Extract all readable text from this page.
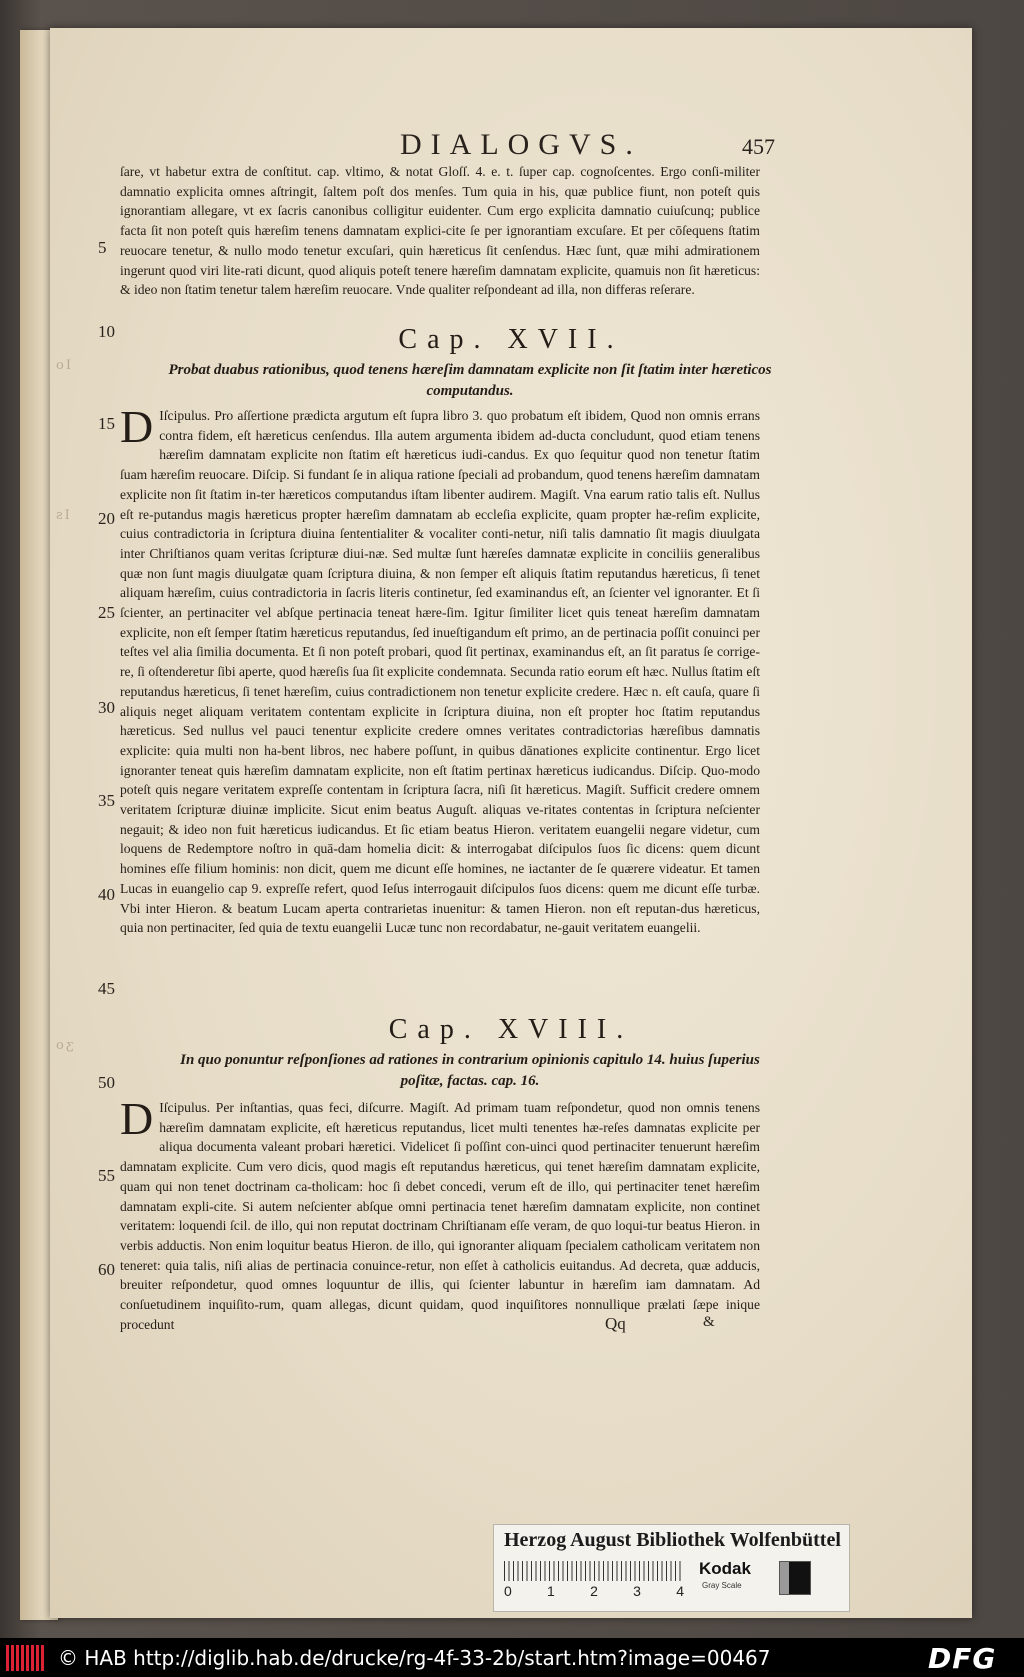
oI
ƨI
oƹ
DIALOGVS.	457
5
10
15
20
25
30
35
40
45
50
55
60

ſare, vt habetur extra de conſtitut. cap. vltimo, & notat Gloſſ. 4. e. t. ſuper cap. cognoſcentes. Ergo conſi-militer damnatio explicita omnes aſtringit, ſaltem poſt dos menſes. Tum quia in his, quæ publice fiunt, non poteſt quis ignorantiam allegare, vt ex ſacris canonibus colligitur euidenter. Cum ergo explicita damnatio cuiuſcunq; publice facta ſit non poteſt quis hæreſim tenens damnatam explici-cite ſe per ignorantiam excuſare. Et per cōſequens ſtatim reuocare tenetur, & nullo modo tenetur excuſari, quin hæreticus ſit cenſendus. Hæc ſunt, quæ mihi admirationem ingerunt quod viri lite-rati dicunt, quod aliquis poteſt tenere hæreſim damnatam explicite, quamuis non ſit hæreticus: & ideo non ſtatim tenetur talem hæreſim reuocare. Vnde qualiter reſpondeant ad illa, non differas reſerare.

Cap. XVII.
Probat duabus rationibus, quod tenens hæreſim damnatam explicite non ſit ſtatim inter hæreticos computandus.
D Iſcipulus. Pro aſſertione prædicta argutum eſt ſupra libro 3. quo probatum eſt ibidem, Quod non omnis errans contra fidem, eſt hæreticus cenſendus. Illa autem argumenta ibidem ad-ducta concludunt, quod etiam tenens hæreſim damnatam explicite non ſtatim eſt hæreticus iudi-candus. Ex quo ſequitur quod non tenetur ſtatim ſuam hæreſim reuocare. Diſcip. Si fundant ſe in aliqua ratione ſpeciali ad probandum, quod tenens hæreſim damnatam explicite non ſit ſtatim in-ter hæreticos computandus iſtam libenter audirem. Magiſt. Vna earum ratio talis eſt. Nullus eſt re-putandus magis hæreticus propter hæreſim damnatam ab eccleſia explicite, quam propter hæ-reſim explicite, cuius contradictoria in ſcriptura diuina ſententialiter & vocaliter conti-netur, niſi talis damnatio ſit magis diuulgata inter Chriſtianos quam veritas ſcripturæ diui-næ. Sed multæ ſunt hæreſes damnatæ explicite in conciliis generalibus quæ non ſunt magis diuulgatæ quam ſcriptura diuina, & non ſemper eſt aliquis ſtatim reputandus hæreticus, ſi tenet aliquam hæreſim, cuius contradictoria in ſacris literis continetur, ſed examinandus eſt, an ſcienter vel ignoranter. Et ſi ſcienter, an pertinaciter vel abſque pertinacia teneat hære-ſim. Igitur ſimiliter licet quis teneat hæreſim damnatam explicite, non eſt ſemper ſtatim hæreticus reputandus, ſed inueſtigandum eſt primo, an de pertinacia poſſit conuinci per teſtes vel alia ſimilia documenta. Et ſi non poteſt probari, quod ſit pertinax, examinandus eſt, an ſit paratus ſe corrige-re, ſi oſtenderetur ſibi aperte, quod hæreſis ſua ſit explicite condemnata. Secunda ratio eorum eſt hæc. Nullus ſtatim eſt reputandus hæreticus, ſi tenet hæreſim, cuius contradictionem non tenetur explicite credere. Hæc n. eſt cauſa, quare ſi aliquis neget aliquam veritatem contentam explicite in ſcriptura diuina, non eſt propter hoc ſtatim reputandus hæreticus. Sed nullus vel pauci tenentur explicite credere omnes veritates contradictorias hæreſibus damnatis explicite: quia multi non ha-bent libros, nec habere poſſunt, in quibus dānationes explicite continentur. Ergo licet ignoranter teneat quis hæreſim damnatam explicite, non eſt ſtatim pertinax hæreticus iudicandus. Diſcip. Quo-modo poteſt quis negare veritatem expreſſe contentam in ſcriptura ſacra, niſi ſit hæreticus. Magiſt. Sufficit credere omnem veritatem ſcripturæ diuinæ implicite. Sicut enim beatus Auguſt. aliquas ve-ritates contentas in ſcriptura neſcienter negauit; & ideo non fuit hæreticus iudicandus. Et ſic etiam beatus Hieron. veritatem euangelii negare videtur, cum loquens de Redemptore noſtro in quā-dam homelia dicit: & interrogabat diſcipulos ſuos ſic dicens: quem dicunt homines eſſe filium hominis: non dicit, quem me dicunt eſſe homines, ne iactanter de ſe quærere videatur. Et tamen Lucas in euangelio cap 9. expreſſe refert, quod Ieſus interrogauit diſcipulos ſuos dicens: quem me dicunt eſſe turbæ. Vbi inter Hieron. & beatum Lucam aperta contrarietas inuenitur: & tamen Hieron. non eſt reputan-dus hæreticus, quia non pertinaciter, ſed quia de textu euangelii Lucæ tunc non recordabatur, ne-gauit veritatem euangelii.

Cap. XVIII.
In quo ponuntur reſponſiones ad rationes in contrarium opinionis capitulo 14. huius ſuperius poſitæ, factas. cap. 16.
D Iſcipulus. Per inſtantias, quas feci, diſcurre. Magiſt. Ad primam tuam reſpondetur, quod non omnis tenens hæreſim damnatam explicite, eſt hæreticus reputandus, licet multi tenentes hæ-reſes damnatas explicite per aliqua documenta valeant probari hæretici. Videlicet ſi poſſint con-uinci quod pertinaciter tenuerunt hæreſim damnatam explicite. Cum vero dicis, quod magis eſt reputandus hæreticus, qui tenet hæreſim damnatam explicite, quam qui non tenet doctrinam ca-tholicam: hoc ſi debet concedi, verum eſt de illo, qui pertinaciter tenet hæreſim damnatam expli-cite. Si autem neſcienter abſque omni pertinacia tenet hæreſim damnatam explicite, non continet veritatem: loquendi ſcil. de illo, qui non reputat doctrinam Chriſtianam eſſe veram, de quo loqui-tur beatus Hieron. in verbis adductis. Non enim loquitur beatus Hieron. de illo, qui ignoranter aliquam ſpecialem catholicam veritatem non teneret: quia talis, niſi alias de pertinacia conuince-retur, non eſſet à catholicis euitandus. Ad decreta, quæ adducis, breuiter reſpondetur, quod omnes loquuntur de illis, qui ſcienter labuntur in hæreſim iam damnatam. Ad conſuetudinem inquiſito-rum, quam allegas, dicunt quidam, quod inquiſitores nonnullique prælati ſæpe inique procedunt	Qq	&
Herzog August Bibliothek Wolfenbüttel
0	1	2	3	4
Kodak
Gray Scale
© HAB http://diglib.hab.de/drucke/rg-4f-33-2b/start.htm?image=00467	DFG
